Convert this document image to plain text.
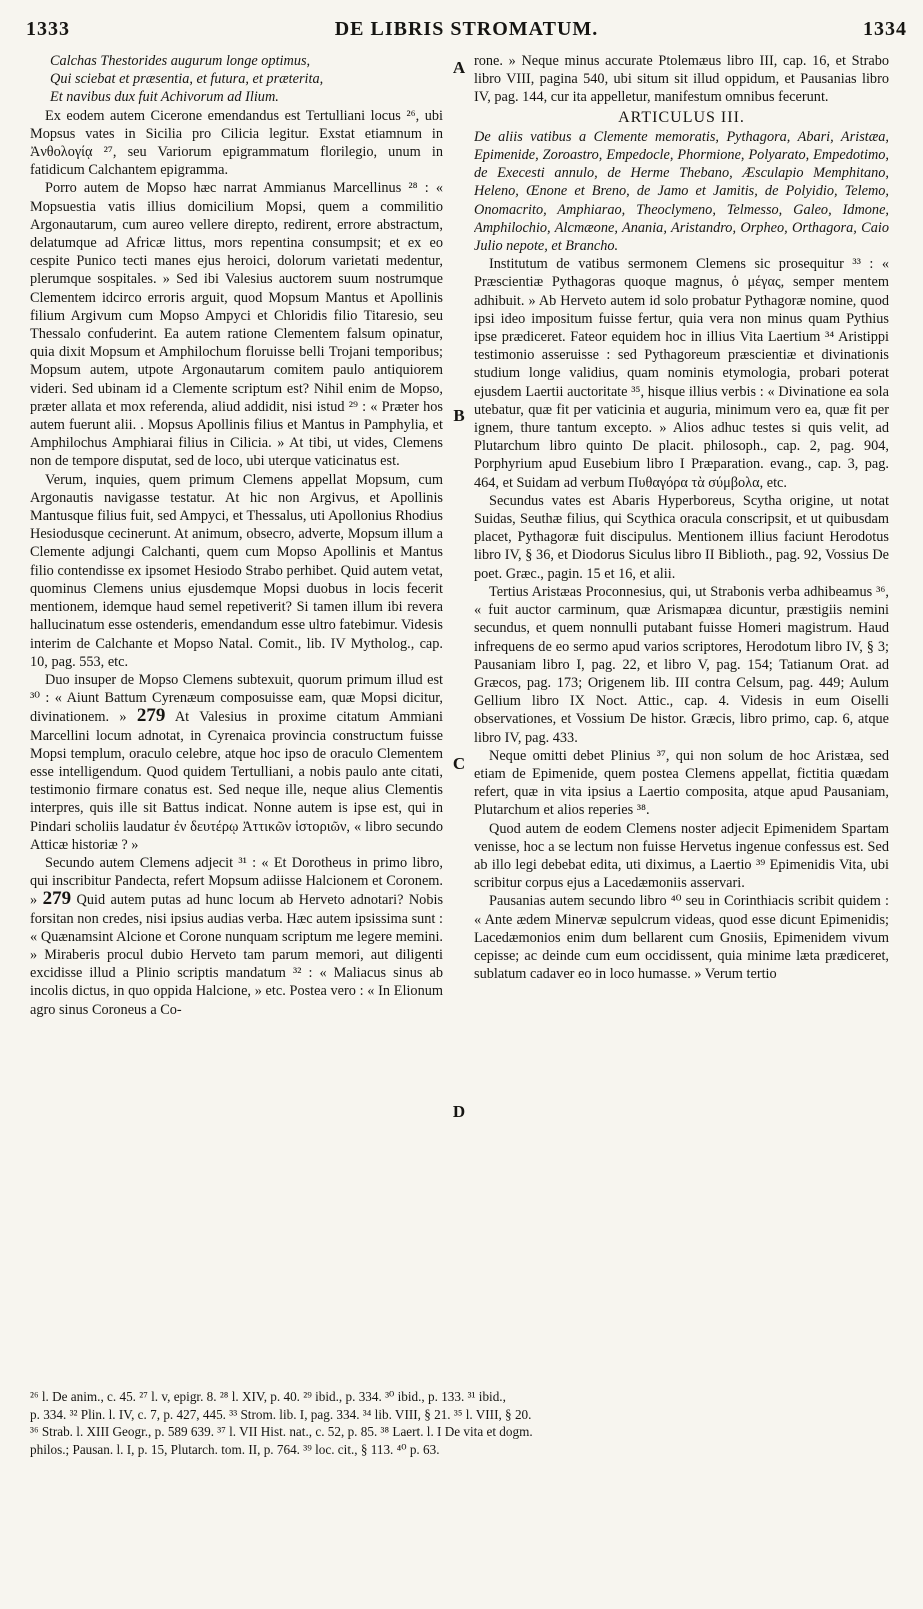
1333	DE LIBRIS STROMATUM.	1334

Calchas Thestorides augurum longe optimus,

Qui sciebat et præsentia, et futura, et præterita,

Et navibus dux fuit Achivorum ad Ilium.

Ex eodem autem Cicerone emendandus est Tertulliani locus ²⁶, ubi Mopsus vates in Sicilia pro Cilicia legitur. Exstat etiamnum in Ἀνθολογίᾳ ²⁷, seu Variorum epigrammatum florilegio, unum in fatidicum Calchantem epigramma.

Porro autem de Mopso hæc narrat Ammianus Marcellinus ²⁸ : « Mopsuestia vatis illius domicilium Mopsi, quem a commilitio Argonautarum, cum aureo vellere direpto, redirent, errore abstractum, delatumque ad Africæ littus, mors repentina consumpsit; et ex eo cespite Punico tecti manes ejus heroici, dolorum varietati medentur, plerumque sospitales. » Sed ibi Valesius auctorem suum nostrumque Clementem idcirco erroris arguit, quod Mopsum Mantus et Apollinis filium Argivum cum Mopso Ampyci et Chloridis filio Titaresio, seu Thessalo confuderint. Ea autem ratione Clementem falsum opinatur, quia dixit Mopsum et Amphilochum floruisse belli Trojani temporibus; Mopsum autem, utpote Argonautarum comitem paulo antiquiorem videri. Sed ubinam id a Clemente scriptum est? Nihil enim de Mopso, præter allata et mox referenda, aliud addidit, nisi istud ²⁹ : « Præter hos autem fuerunt alii. . Mopsus Apollinis filius et Mantus in Pamphylia, et Amphilochus Amphiarai filius in Cilicia. » At tibi, ut vides, Clemens non de tempore disputat, sed de loco, ubi uterque vaticinatus est.

Verum, inquies, quem primum Clemens appellat Mopsum, cum Argonautis navigasse testatur. At hic non Argivus, et Apollinis Mantusque filius fuit, sed Ampyci, et Thessalus, uti Apollonius Rhodius Hesiodusque cecinerunt. At animum, obsecro, adverte, Mopsum illum a Clemente adjungi Calchanti, quem cum Mopso Apollinis et Mantus filio contendisse ex ipsomet Hesiodo Strabo perhibet. Quid autem vetat, quominus Clemens unius ejusdemque Mopsi duobus in locis fecerit mentionem, idemque haud semel repetiverit? Si tamen illum ibi revera hallucinatum esse ostenderis, emendandum esse ultro fatebimur. Videsis interim de Calchante et Mopso Natal. Comit., lib. IV Mytholog., cap. 10, pag. 553, etc.

Duo insuper de Mopso Clemens subtexuit, quorum primum illud est ³⁰ : « Aiunt Battum Cyrenæum composuisse eam, quæ Mopsi dicitur, divinationem. » 279 At Valesius in proxime citatum Ammiani Marcellini locum adnotat, in Cyrenaica provincia constructum fuisse Mopsi templum, oraculo celebre, atque hoc ipso de oraculo Clementem esse intelligendum. Quod quidem Tertulliani, a nobis paulo ante citati, testimonio firmare conatus est. Sed neque ille, neque alius Clementis interpres, quis ille sit Battus indicat. Nonne autem is ipse est, qui in Pindari scholiis laudatur ἐν δευτέρῳ Ἀττικῶν ἱστοριῶν, « libro secundo Atticæ historiæ ? »

Secundo autem Clemens adjecit ³¹ : « Et Dorotheus in primo libro, qui inscribitur Pandecta, refert Mopsum adiisse Halcionem et Coronem. » 279 Quid autem putas ad hunc locum ab Herveto adnotari? Nobis forsitan non credes, nisi ipsius audias verba. Hæc autem ipsissima sunt : « Quænamsint Alcione et Corone nunquam scriptum me legere memini. » Miraberis procul dubio Herveto tam parum memori, aut diligenti excidisse illud a Plinio scriptis mandatum ³² : « Maliacus sinus ab incolis dictus, in quo oppida Halcione, » etc. Postea vero : « In Elionum agro sinus Coroneus a Co-

A
B
C
D

rone. » Neque minus accurate Ptolemæus libro III, cap. 16, et Strabo libro VIII, pagina 540, ubi situm sit illud oppidum, et Pausanias libro IV, pag. 144, cur ita appelletur, manifestum omnibus fecerunt.

ARTICULUS III.

De aliis vatibus a Clemente memoratis, Pythagora, Abari, Aristæa, Epimenide, Zoroastro, Empedocle, Phormione, Polyarato, Empedotimo, de Execesti annulo, de Herme Thebano, Æsculapio Memphitano, Heleno, Œnone et Breno, de Jamo et Jamitis, de Polyidio, Telemo, Onomacrito, Amphiarao, Theoclymeno, Telmesso, Galeo, Idmone, Amphilochio, Alcmæone, Anania, Aristandro, Orpheo, Orthagora, Caio Julio nepote, et Brancho.

Institutum de vatibus sermonem Clemens sic prosequitur ³³ : « Præscientiæ Pythagoras quoque magnus, ὁ μέγας, semper mentem adhibuit. » Ab Herveto autem id solo probatur Pythagoræ nomine, quod ipsi ideo impositum fuisse fertur, quia vera non minus quam Pythius ipse prædiceret. Fateor equidem hoc in illius Vita Laertium ³⁴ Aristippi testimonio asseruisse : sed Pythagoreum præscientiæ et divinationis studium longe validius, quam nominis etymologia, probari poterat ejusdem Laertii auctoritate ³⁵, hisque illius verbis : « Divinatione ea sola utebatur, quæ fit per vaticinia et auguria, minimum vero ea, quæ fit per ignem, thure tantum excepto. » Alios adhuc testes si quis velit, ad Plutarchum libro quinto De placit. philosoph., cap. 2, pag. 904, Porphyrium apud Eusebium libro I Præparation. evang., cap. 3, pag. 464, et Suidam ad verbum Πυθαγόρα τὰ σύμβολα, etc.

Secundus vates est Abaris Hyperboreus, Scytha origine, ut notat Suidas, Seuthæ filius, qui Scythica oracula conscripsit, et ut quibusdam placet, Pythagoræ fuit discipulus. Mentionem illius faciunt Herodotus libro IV, § 36, et Diodorus Siculus libro II Biblioth., pag. 92, Vossius De poet. Græc., pagin. 15 et 16, et alii.

Tertius Aristæas Proconnesius, qui, ut Strabonis verba adhibeamus ³⁶, « fuit auctor carminum, quæ Arismapæa dicuntur, præstigiis nemini secundus, et quem nonnulli putabant fuisse Homeri magistrum. Haud infrequens de eo sermo apud varios scriptores, Herodotum libro IV, § 3; Pausaniam libro I, pag. 22, et libro V, pag. 154; Tatianum Orat. ad Græcos, pag. 173; Origenem lib. III contra Celsum, pag. 449; Aulum Gellium libro IX Noct. Attic., cap. 4. Videsis in eum Oiselli observationes, et Vossium De histor. Græcis, libro primo, cap. 6, atque libro IV, pag. 433.

Neque omitti debet Plinius ³⁷, qui non solum de hoc Aristæa, sed etiam de Epimenide, quem postea Clemens appellat, fictitia quædam refert, quæ in vita ipsius a Laertio composita, atque apud Pausaniam, Plutarchum et alios reperies ³⁸.

Quod autem de eodem Clemens noster adjecit Epimenidem Spartam venisse, hoc a se lectum non fuisse Hervetus ingenue confessus est. Sed ab illo legi debebat edita, uti diximus, a Laertio ³⁹ Epimenidis Vita, ubi scribitur corpus ejus a Lacedæmoniis asservari.

Pausanias autem secundo libro ⁴⁰ seu in Corinthiacis scribit quidem : « Ante ædem Minervæ sepulcrum videas, quod esse dicunt Epimenidis; Lacedæmonios enim dum bellarent cum Gnosiis, Epimenidem vivum cepisse; ac deinde cum eum occidissent, quia minime læta prædiceret, sublatum cadaver eo in loco humasse. » Verum tertio

²⁶ l. De anim., c. 45. ²⁷ l. v, epigr. 8. ²⁸ l. XIV, p. 40. ²⁹ ibid., p. 334. ³⁰ ibid., p. 133. ³¹ ibid.,
p. 334. ³² Plin. l. IV, c. 7, p. 427, 445. ³³ Strom. lib. I, pag. 334. ³⁴ lib. VIII, § 21. ³⁵ l. VIII, § 20.
³⁶ Strab. l. XIII Geogr., p. 589 639. ³⁷ l. VII Hist. nat., c. 52, p. 85. ³⁸ Laert. l. I De vita et dogm.
philos.; Pausan. l. I, p. 15, Plutarch. tom. II, p. 764. ³⁹ loc. cit., § 113. ⁴⁰ p. 63.
